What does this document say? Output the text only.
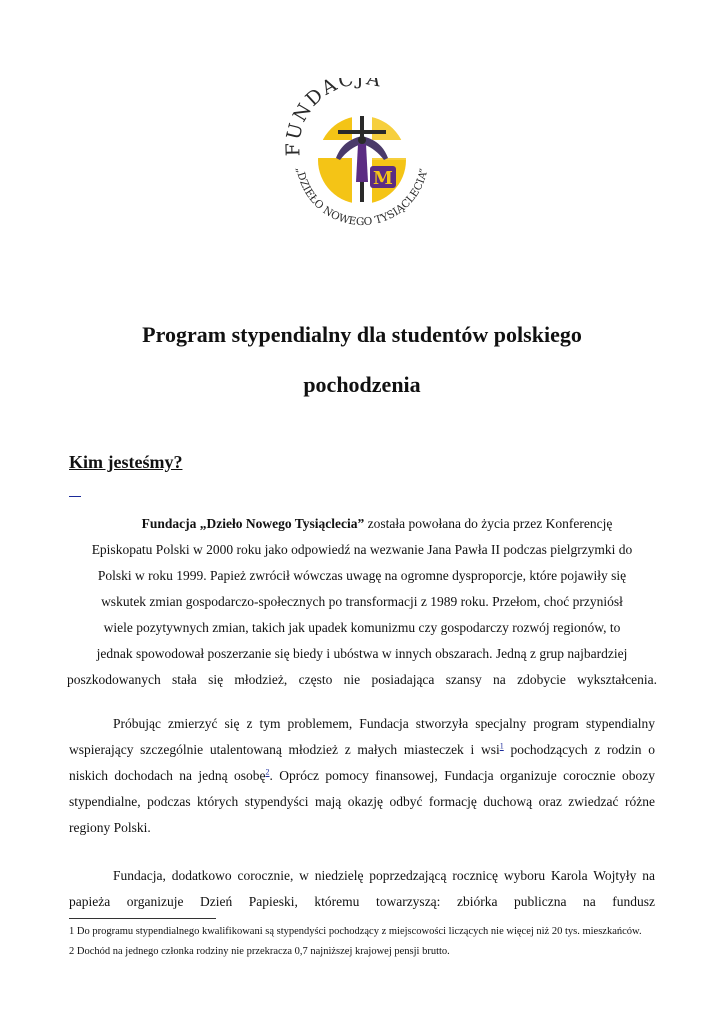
M
FUNDACJA
„DZIEŁO NOWEGO TYSIĄCLECIA”
Program stypendialny dla studentów polskiego
pochodzenia
Kim jesteśmy?
Fundacja „Dzieło Nowego Tysiąclecia” została powołana do życia przez Konferencję
Episkopatu Polski w 2000 roku jako odpowiedź na wezwanie Jana Pawła II podczas pielgrzymki do
Polski w roku 1999. Papież zwrócił wówczas uwagę na ogromne dysproporcje, które pojawiły się
wskutek zmian gospodarczo-społecznych po transformacji z 1989 roku. Przełom, choć przyniósł
wiele pozytywnych zmian, takich jak upadek komunizmu czy gospodarczy rozwój regionów, to
jednak spowodował poszerzanie się biedy i ubóstwa w innych obszarach. Jedną z grup najbardziej
poszkodowanych stała się młodzież, często nie posiadająca szansy na zdobycie wykształcenia.
Próbując zmierzyć się z tym problemem, Fundacja stworzyła specjalny program stypendialny wspierający szczególnie utalentowaną młodzież z małych miasteczek i wsi$^1$ pochodzących z rodzin o niskich dochodach na jedną osobę$^2$. Oprócz pomocy finansowej, Fundacja organizuje corocznie obozy stypendialne, podczas których stypendyści mają okazję odbyć formację duchową oraz zwiedzać różne regiony Polski.
Fundacja, dodatkowo corocznie, w niedzielę poprzedzającą rocznicę wyboru Karola Wojtyły na papieża organizuje Dzień Papieski, któremu towarzyszą: zbiórka publiczna na fundusz

1 Do programu stypendialnego kwalifikowani są stypendyści pochodzący z miejscowości liczących nie więcej niż 20 tys. mieszkańców.

2 Dochód na jednego członka rodziny nie przekracza 0,7 najniższej krajowej pensji brutto.
